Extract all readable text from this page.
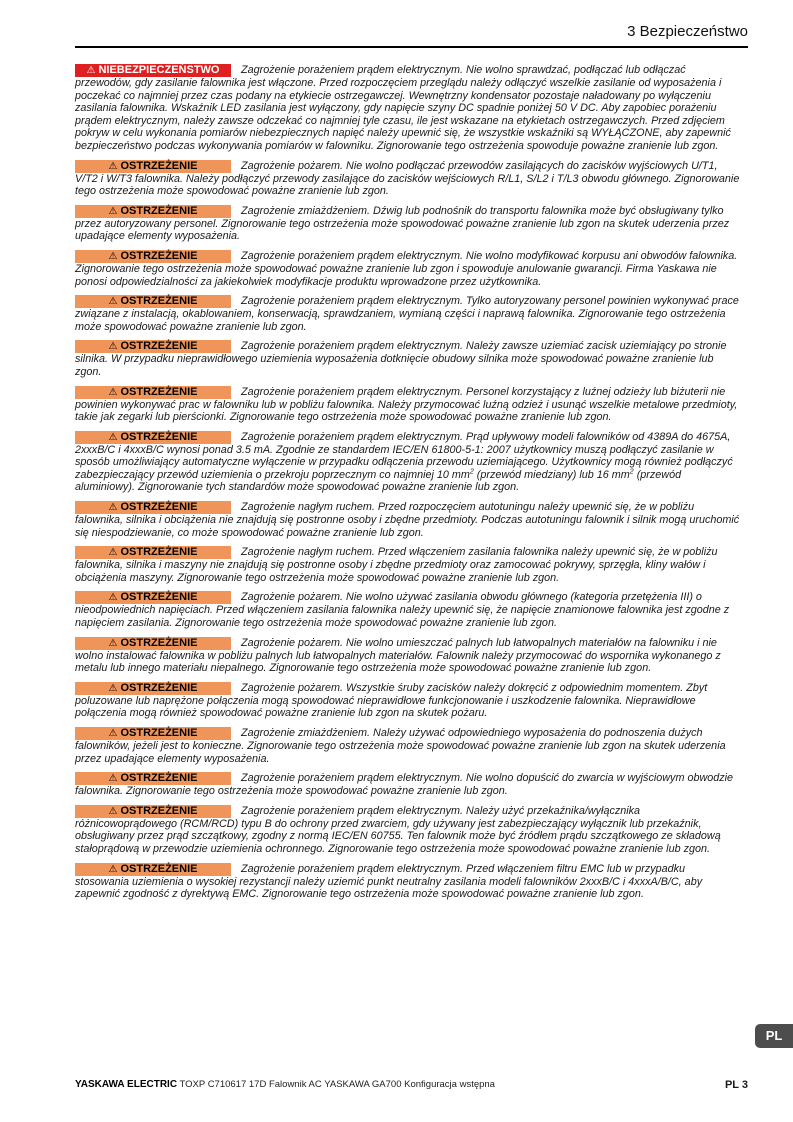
3 Bezpieczeństwo
⚠ NIEBEZPIECZEŃSTWO Zagrożenie porażeniem prądem elektrycznym. Nie wolno sprawdzać, podłączać lub odłączać przewodów, gdy zasilanie falownika jest włączone. Przed rozpoczęciem przeglądu należy odłączyć wszelkie zasilanie od wyposażenia i poczekać co najmniej przez czas podany na etykiecie ostrzegawczej. Wewnętrzny kondensator pozostaje naładowany po wyłączeniu zasilania falownika. Wskaźnik LED zasilania jest wyłączony, gdy napięcie szyny DC spadnie poniżej 50 V DC. Aby zapobiec porażeniu prądem elektrycznym, należy zawsze odczekać co najmniej tyle czasu, ile jest wskazane na etykietach ostrzegawczych. Przed zdjęciem pokryw w celu wykonania pomiarów niebezpiecznych napięć należy upewnić się, że wszystkie wskaźniki są WYŁĄCZONE, aby zapewnić bezpieczeństwo podczas wykonywania pomiarów w falowniku. Zignorowanie tego ostrzeżenia spowoduje poważne zranienie lub zgon.
⚠ OSTRZEŻENIE	Zagrożenie pożarem. Nie wolno podłączać przewodów zasilających do zacisków wyjściowych U/T1, V/T2 i W/T3 falownika. Należy podłączyć przewody zasilające do zacisków wejściowych R/L1, S/L2 i T/L3 obwodu głównego. Zignorowanie tego ostrzeżenia może spowodować poważne zranienie lub zgon.
⚠ OSTRZEŻENIE	Zagrożenie zmiażdżeniem. Dźwig lub podnośnik do transportu falownika może być obsługiwany tylko przez autoryzowany personel. Zignorowanie tego ostrzeżenia może spowodować poważne zranienie lub zgon na skutek uderzenia przez upadające elementy wyposażenia.
⚠ OSTRZEŻENIE	Zagrożenie porażeniem prądem elektrycznym. Nie wolno modyfikować korpusu ani obwodów falownika. Zignorowanie tego ostrzeżenia może spowodować poważne zranienie lub zgon i spowoduje anulowanie gwarancji. Firma Yaskawa nie ponosi odpowiedzialności za jakiekolwiek modyfikacje produktu wprowadzone przez użytkownika.
⚠ OSTRZEŻENIE	Zagrożenie porażeniem prądem elektrycznym. Tylko autoryzowany personel powinien wykonywać prace związane z instalacją, okablowaniem, konserwacją, sprawdzaniem, wymianą części i naprawą falownika. Zignorowanie tego ostrzeżenia może spowodować poważne zranienie lub zgon.
⚠ OSTRZEŻENIE	Zagrożenie porażeniem prądem elektrycznym. Należy zawsze uziemiać zacisk uziemiający po stronie silnika. W przypadku nieprawidłowego uziemienia wyposażenia dotknięcie obudowy silnika może spowodować poważne zranienie lub zgon.
⚠ OSTRZEŻENIE	Zagrożenie porażeniem prądem elektrycznym. Personel korzystający z luźnej odzieży lub biżuterii nie powinien wykonywać prac w falowniku lub w pobliżu falownika. Należy przymocować luźną odzież i usunąć wszelkie metalowe przedmioty, takie jak zegarki lub pierścionki. Zignorowanie tego ostrzeżenia może spowodować poważne zranienie lub zgon.
⚠ OSTRZEŻENIE	Zagrożenie porażeniem prądem elektrycznym. Prąd upływowy modeli falowników od 4389A do 4675A, 2xxxB/C i 4xxxB/C wynosi ponad 3.5 mA. Zgodnie ze standardem IEC/EN 61800-5-1: 2007 użytkownicy muszą podłączyć zasilanie w sposób umożliwiający automatyczne wyłączenie w przypadku odłączenia przewodu uziemiającego. Użytkownicy mogą również podłączyć zabezpieczający przewód uziemienia o przekroju poprzecznym co najmniej 10 $mm^2$ (przewód miedziany) lub 16 $mm^2$ (przewód aluminiowy). Zignorowanie tych standardów może spowodować poważne zranienie lub zgon.
⚠ OSTRZEŻENIE	Zagrożenie nagłym ruchem. Przed rozpoczęciem autotuningu należy upewnić się, że w pobliżu falownika, silnika i obciążenia nie znajdują się postronne osoby i zbędne przedmioty. Podczas autotuningu falownik i silnik mogą uruchomić się niespodziewanie, co może spowodować poważne zranienie lub zgon.
⚠ OSTRZEŻENIE	Zagrożenie nagłym ruchem. Przed włączeniem zasilania falownika należy upewnić się, że w pobliżu falownika, silnika i maszyny nie znajdują się postronne osoby i zbędne przedmioty oraz zamocować pokrywy, sprzęgła, kliny wałów i obciążenia maszyny. Zignorowanie tego ostrzeżenia może spowodować poważne zranienie lub zgon.
⚠ OSTRZEŻENIE	Zagrożenie pożarem. Nie wolno używać zasilania obwodu głównego (kategoria przetężenia III) o nieodpowiednich napięciach. Przed włączeniem zasilania falownika należy upewnić się, że napięcie znamionowe falownika jest zgodne z napięciem zasilania. Zignorowanie tego ostrzeżenia może spowodować poważne zranienie lub zgon.
⚠ OSTRZEŻENIE	Zagrożenie pożarem. Nie wolno umieszczać palnych lub łatwopalnych materiałów na falowniku i nie wolno instalować falownika w pobliżu palnych lub łatwopalnych materiałów. Falownik należy przymocować do wspornika wykonanego z metalu lub innego materiału niepalnego. Zignorowanie tego ostrzeżenia może spowodować poważne zranienie lub zgon.
⚠ OSTRZEŻENIE	Zagrożenie pożarem. Wszystkie śruby zacisków należy dokręcić z odpowiednim momentem. Zbyt poluzowane lub naprężone połączenia mogą spowodować nieprawidłowe funkcjonowanie i uszkodzenie falownika. Nieprawidłowe połączenia mogą również spowodować poważne zranienie lub zgon na skutek pożaru.
⚠ OSTRZEŻENIE	Zagrożenie zmiażdżeniem. Należy używać odpowiedniego wyposażenia do podnoszenia dużych falowników, jeżeli jest to konieczne. Zignorowanie tego ostrzeżenia może spowodować poważne zranienie lub zgon na skutek uderzenia przez upadające elementy wyposażenia.
⚠ OSTRZEŻENIE	Zagrożenie porażeniem prądem elektrycznym. Nie wolno dopuścić do zwarcia w wyjściowym obwodzie falownika. Zignorowanie tego ostrzeżenia może spowodować poważne zranienie lub zgon.
⚠ OSTRZEŻENIE	Zagrożenie porażeniem prądem elektrycznym. Należy użyć przekaźnika/wyłącznika różnicowoprądowego (RCM/RCD) typu B do ochrony przed zwarciem, gdy używany jest zabezpieczający wyłącznik lub przekaźnik, obsługiwany przez prąd szczątkowy, zgodny z normą IEC/EN 60755. Ten falownik może być źródłem prądu szczątkowego ze składową stałoprądową w przewodzie uziemienia ochronnego. Zignorowanie tego ostrzeżenia może spowodować poważne zranienie lub zgon.
⚠ OSTRZEŻENIE	Zagrożenie porażeniem prądem elektrycznym. Przed włączeniem filtru EMC lub w przypadku stosowania uziemienia o wysokiej rezystancji należy uziemić punkt neutralny zasilania modeli falowników 2xxxB/C i 4xxxA/B/C, aby zapewnić zgodność z dyrektywą EMC. Zignorowanie tego ostrzeżenia może spowodować poważne zranienie lub zgon.
PL
YASKAWA ELECTRIC TOXP C710617 17D Falownik AC YASKAWA GA700 Konfiguracja wstępna	PL 3
